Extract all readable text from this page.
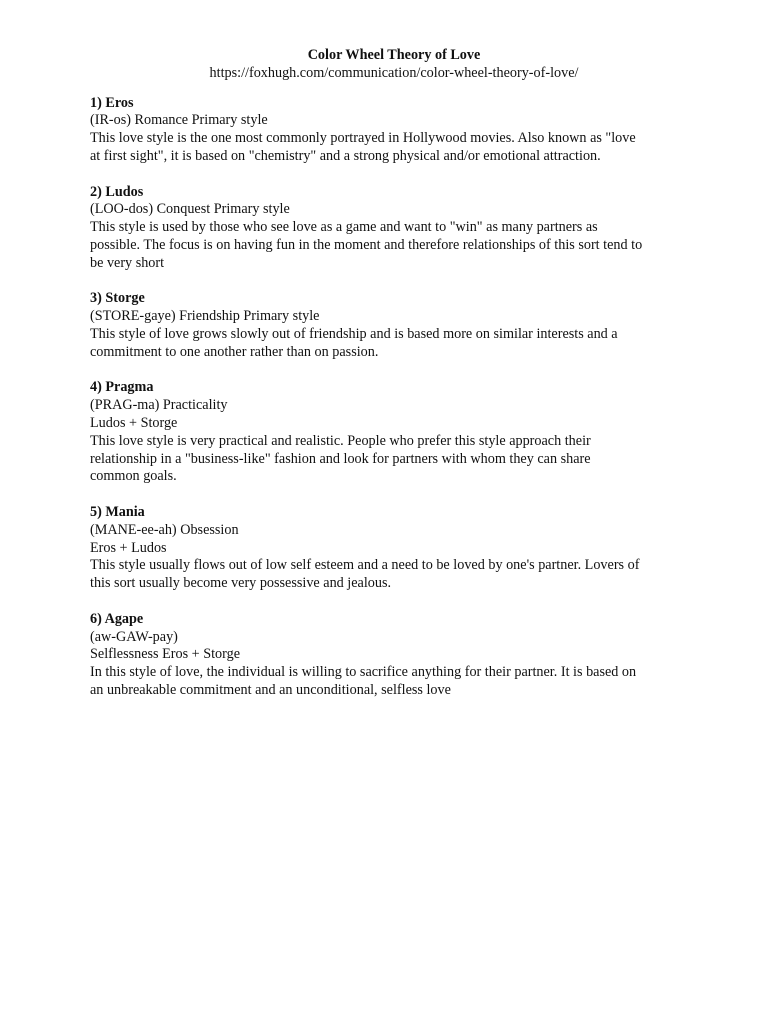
Color Wheel Theory of Love

https://foxhugh.com/communication/color-wheel-theory-of-love/

1) Eros

(IR-os) Romance Primary style

This love style is the one most commonly portrayed in Hollywood movies. Also known as "love

at first sight", it is based on "chemistry" and a strong physical and/or emotional attraction.

2) Ludos

(LOO-dos) Conquest Primary style

This style is used by those who see love as a game and want to "win" as many partners as

possible. The focus is on having fun in the moment and therefore relationships of this sort tend to

be very short

3) Storge

(STORE-gaye) Friendship Primary style

This style of love grows slowly out of friendship and is based more on similar interests and a

commitment to one another rather than on passion.

4) Pragma

(PRAG-ma) Practicality

Ludos + Storge

This love style is very practical and realistic. People who prefer this style approach their

relationship in a "business-like" fashion and look for partners with whom they can share

common goals.

5) Mania

(MANE-ee-ah) Obsession

Eros + Ludos

This style usually flows out of low self esteem and a need to be loved by one's partner. Lovers of

this sort usually become very possessive and jealous.

6) Agape

(aw-GAW-pay)

Selflessness Eros + Storge

In this style of love, the individual is willing to sacrifice anything for their partner. It is based on

an unbreakable commitment and an unconditional, selfless love
